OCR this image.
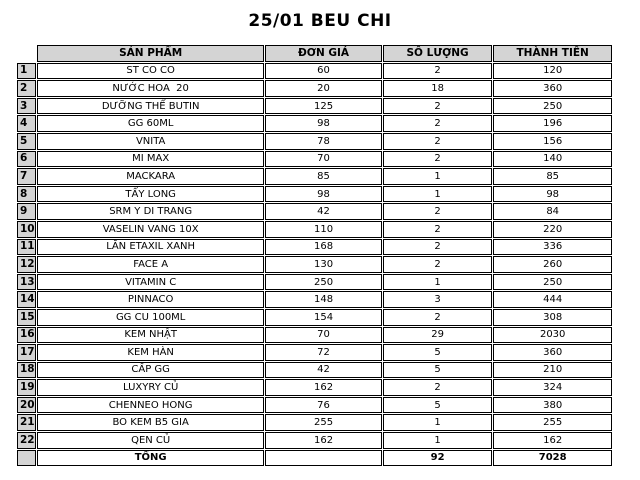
25/01 BEU CHI
	SẢN PHẨM	ĐƠN GIÁ	SỐ LƯỢNG	THÀNH TIỀN
1	ST CO CO	60	2	120
2	NƯỚC HOA  20	20	18	360
3	DƯỠNG THỂ BUTIN	125	2	250
4	GG 60ML	98	2	196
5	VNITA	78	2	156
6	MI MAX	70	2	140
7	MACKARA	85	1	85
8	TẨY LONG	98	1	98
9	SRM Y DI TRANG	42	2	84
10	VASELIN VANG 10X	110	2	220
11	LĂN ETAXIL XANH	168	2	336
12	FACE A	130	2	260
13	VITAMIN C	250	1	250
14	PINNACO	148	3	444
15	GG CU 100ML	154	2	308
16	KEM NHẬT	70	29	2030
17	KEM HÀN	72	5	360
18	CẤP GG	42	5	210
19	LUXYRY CỦ	162	2	324
20	CHENNEO HONG	76	5	380
21	BO KEM B5 GIA	255	1	255
22	QEN CỦ	162	1	162
	TỔNG		92	7028
